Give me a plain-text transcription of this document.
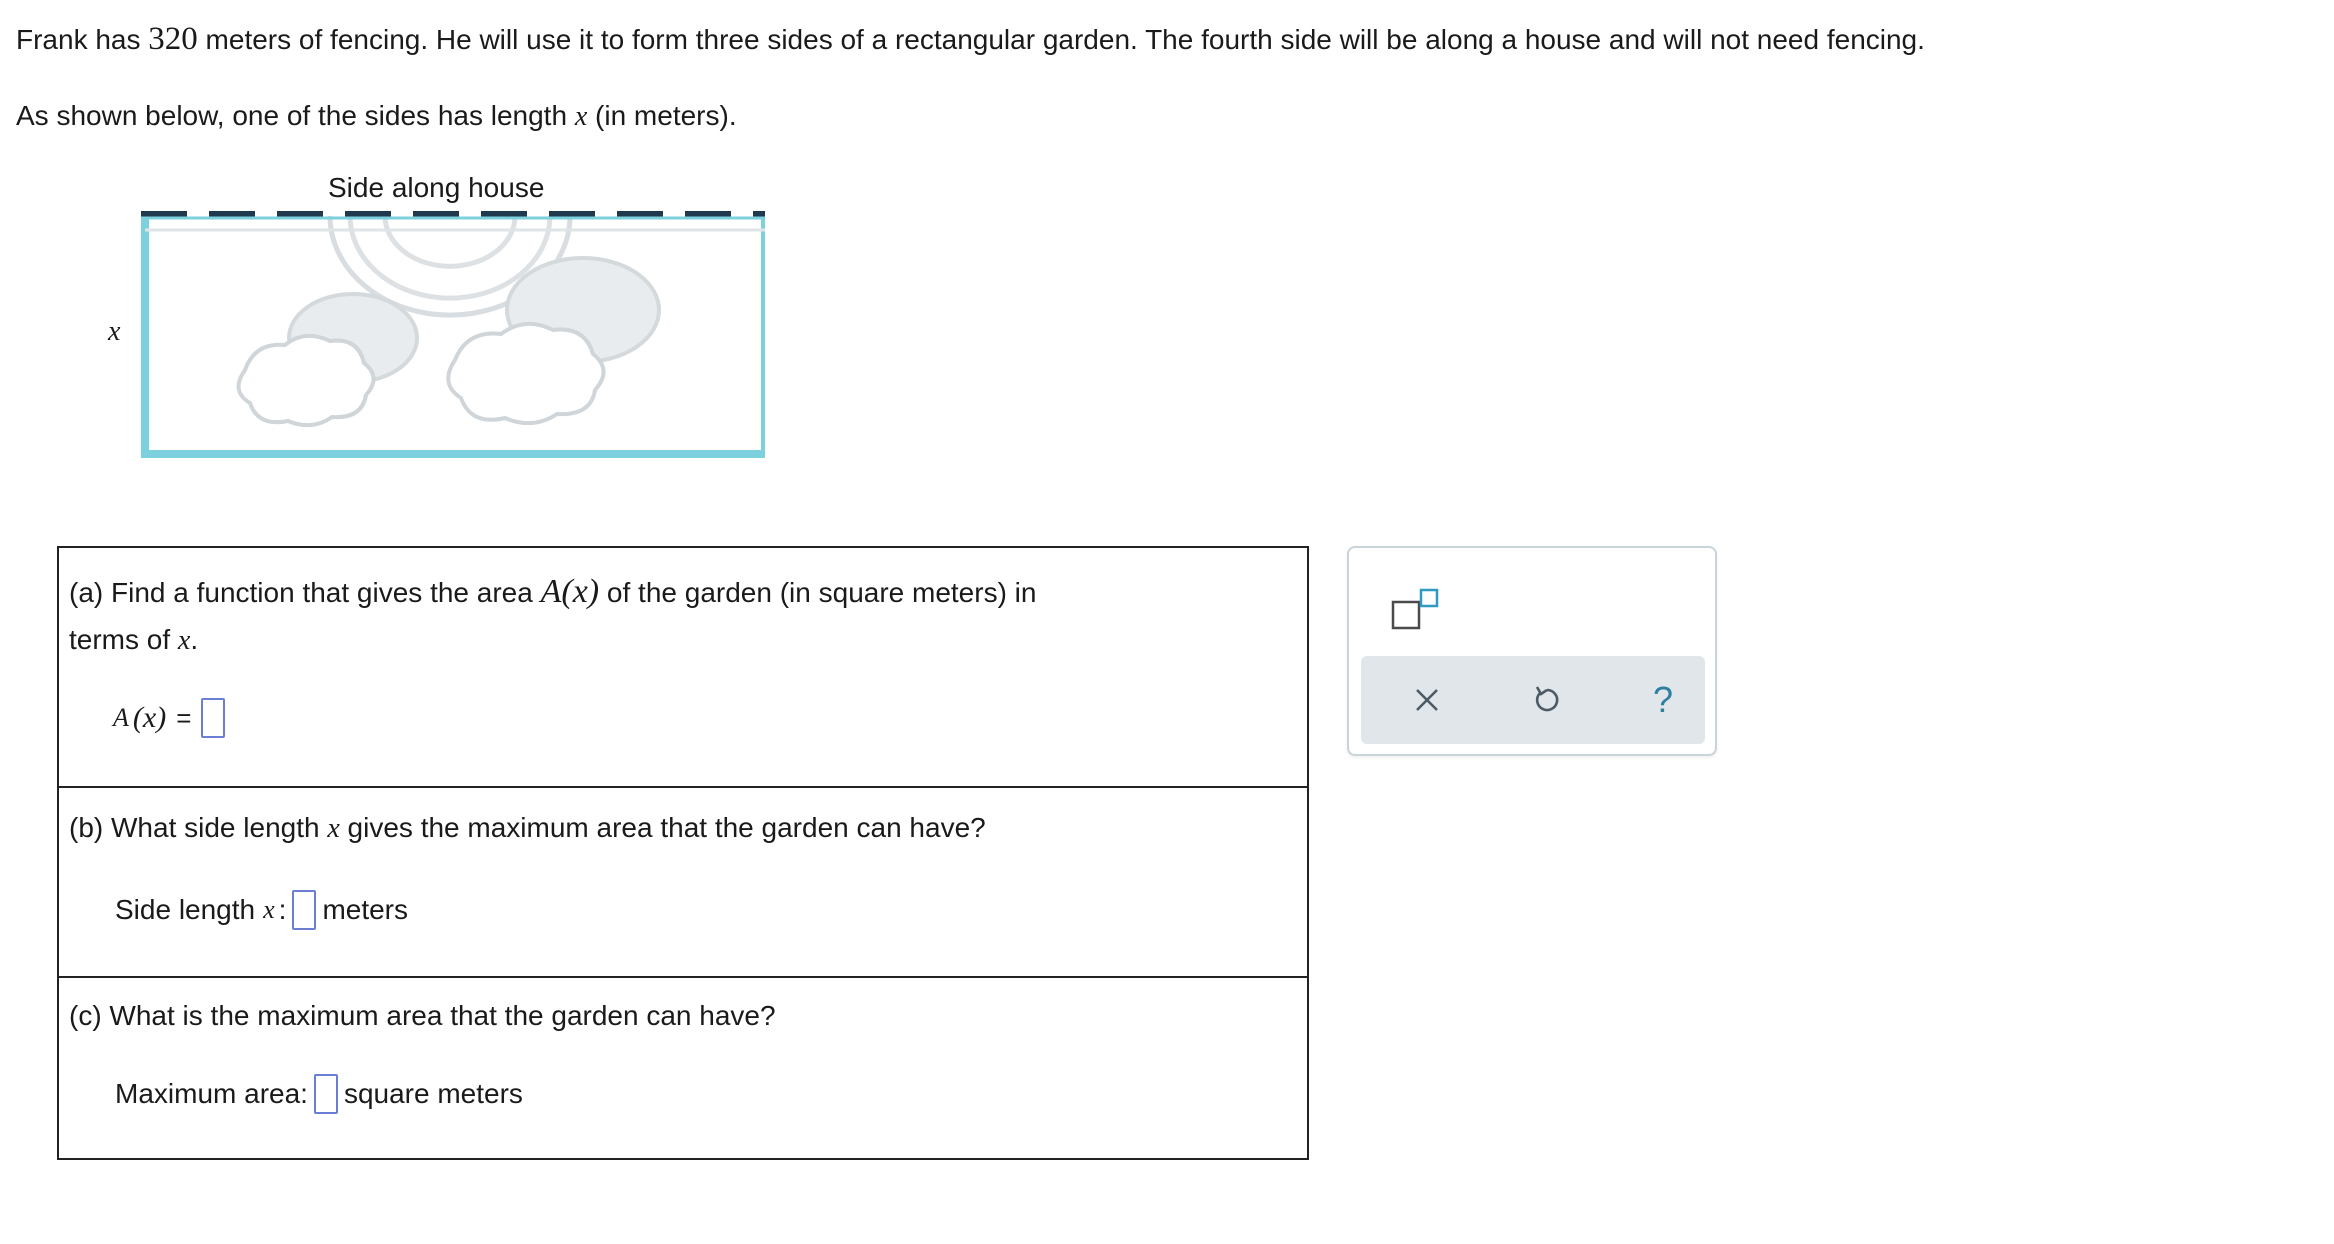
Frank has 320 meters of fencing. He will use it to form three sides of a rectangular garden. The fourth side will be along a house and will not need fencing.
As shown below, one of the sides has length x (in meters).
Side along house
x
(a) Find a function that gives the area A(x) of the garden (in square meters) in
terms of x.
A (x) =
(b) What side length x gives the maximum area that the garden can have?
Side length x : meters
(c) What is the maximum area that the garden can have?
Maximum area: square meters
?
